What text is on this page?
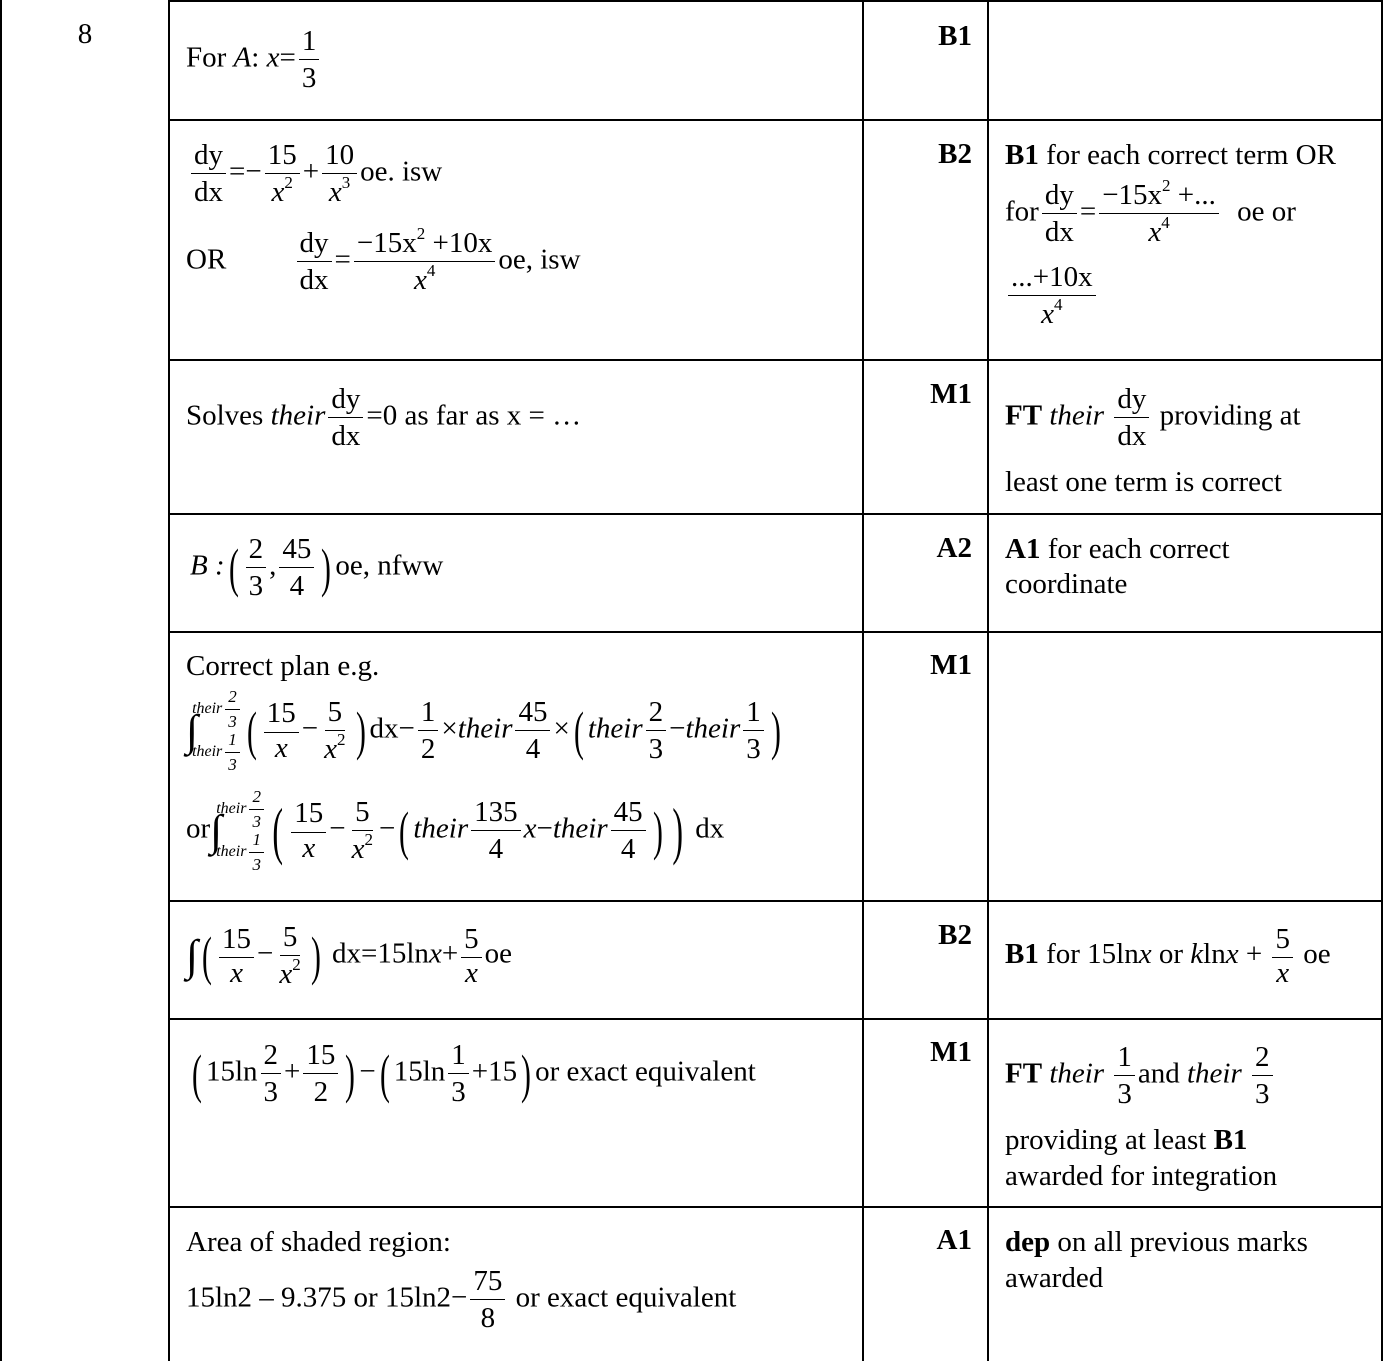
8
For A: $x= \frac{1}{3}$	B1
$\frac{dy}{dx} =- \frac{15}{x^2} + \frac{10}{x^3}$ oe. isw
OR $\frac{dy}{dx} = \frac{-15x^2 +10x}{x^4}$ oe, isw
B2 B1 for each correct term OR
for $\frac{dy}{dx} = \frac{-15x^2 +...}{x^4}$ oe or
$\frac{...+10x}{x^4}$
Solves their $\frac{dy}{dx} =0$ as far as x = …
M1
FT their $\frac{dy}{dx}$ providing at
least one term is correct
B :( $\frac{2}{3}$ , $\frac{45}{4}$ ) oe, nfww
A2 A1 for each correct
coordinate
Correct plan e.g.
∫
their $\frac{2}{3}$
their $\frac{1}{3}$ ( $\frac{15}{x} - \frac{5}{x^2}$ ) $dx- \frac{1}{2}$ ×their $\frac{45}{4}$ ×( their $\frac{2}{3}$ −their $\frac{1}{3}$ )
or∫
their $\frac{2}{3}$
their $\frac{1}{3}$ ( $\frac{15}{x} - \frac{5}{x^2}$ −( their $\frac{135}{4}$ x−their $\frac{45}{4}$ ) ) dx
M1
∫( $\frac{15}{x} - \frac{5}{x^2}$ ) $dx=15\ln x+ \frac{5}{x}$ oe
B2
B1 for 15lnx or $klnx + \frac{5}{x}$ oe
( $15\ln \frac{2}{3} + \frac{15}{2}$ ) −( $15\ln \frac{1}{3} +15$) or exact equivalent
M1
FT their $\frac{1}{3}$ and their $\frac{2}{3}$
providing at least B1
awarded for integration
Area of shaded region:
15ln2 – 9.375 or $15\ln 2- \frac{75}{8}$ or exact equivalent
A1 dep on all previous marks
awarded
